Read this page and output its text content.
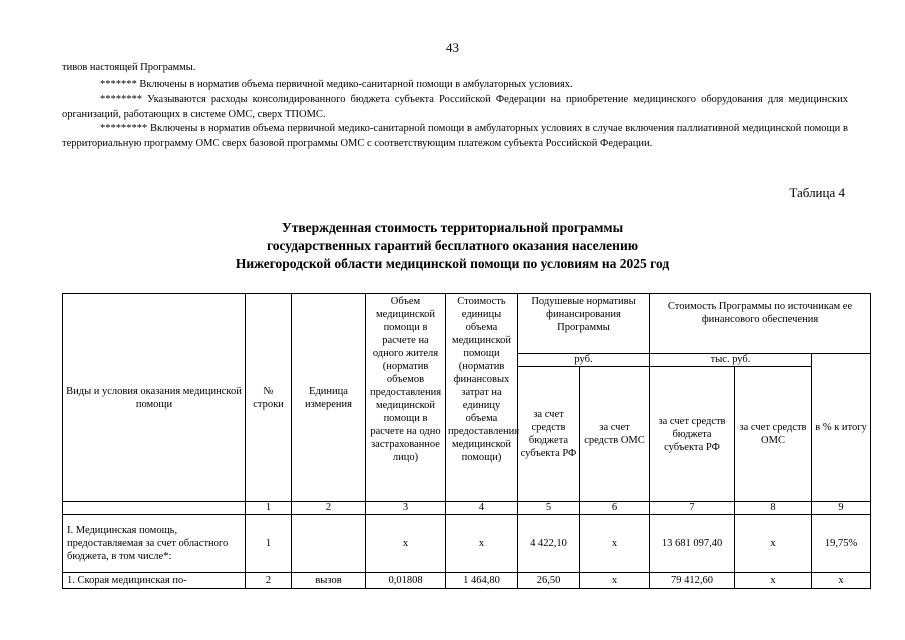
43

тивов настоящей Программы.

******* Включены в норматив объема первичной медико-санитарной помощи в амбулаторных условиях.

******** Указываются расходы консолидированного бюджета субъекта Российской Федерации на приобретение медицинского оборудования для медицинских организаций, работающих в системе ОМС, сверх ТПОМС.

********* Включены в норматив объема первичной медико-санитарной помощи в амбулаторных условиях в случае включения паллиативной медицинской помощи в территориальную программу ОМС сверх базовой программы ОМС с соответствующим платежом субъекта Российской Федерации.

Таблица 4
Утвержденная стоимость территориальной программы
государственных гарантий бесплатного оказания населению
Нижегородской области медицинской помощи по условиям на 2025 год
Виды и условия оказания медицинской помощи	№ строки	Единица измерения	Объем медицинской помощи в расчете на одного жителя (норматив объемов предоставления медицинской помощи в расчете на одно застрахованное лицо)	Стоимость единицы объема медицинской помощи (норматив финансовых затрат на единицу объема предоставления медицинской помощи)	Подушевые нормативы финансирования Программы		Стоимость Программы по источникам ее финансового обеспечения		
					руб.		тыс. руб.		в % к итогу
					за счет средств бюджета субъекта РФ	за счет средств ОМС	за счет средств бюджета субъекта РФ	за счет средств ОМС	
	1	2	3	4	5	6	7	8	9
I. Медицинская помощь, предоставляемая за счет областного бюджета, в том числе*:	1		х	х	4 422,10	х	13 681 097,40	х	19,75%
1. Скорая медицинская по-	2	вызов	0,01808	1 464,80	26,50	х	79 412,60	х	х
